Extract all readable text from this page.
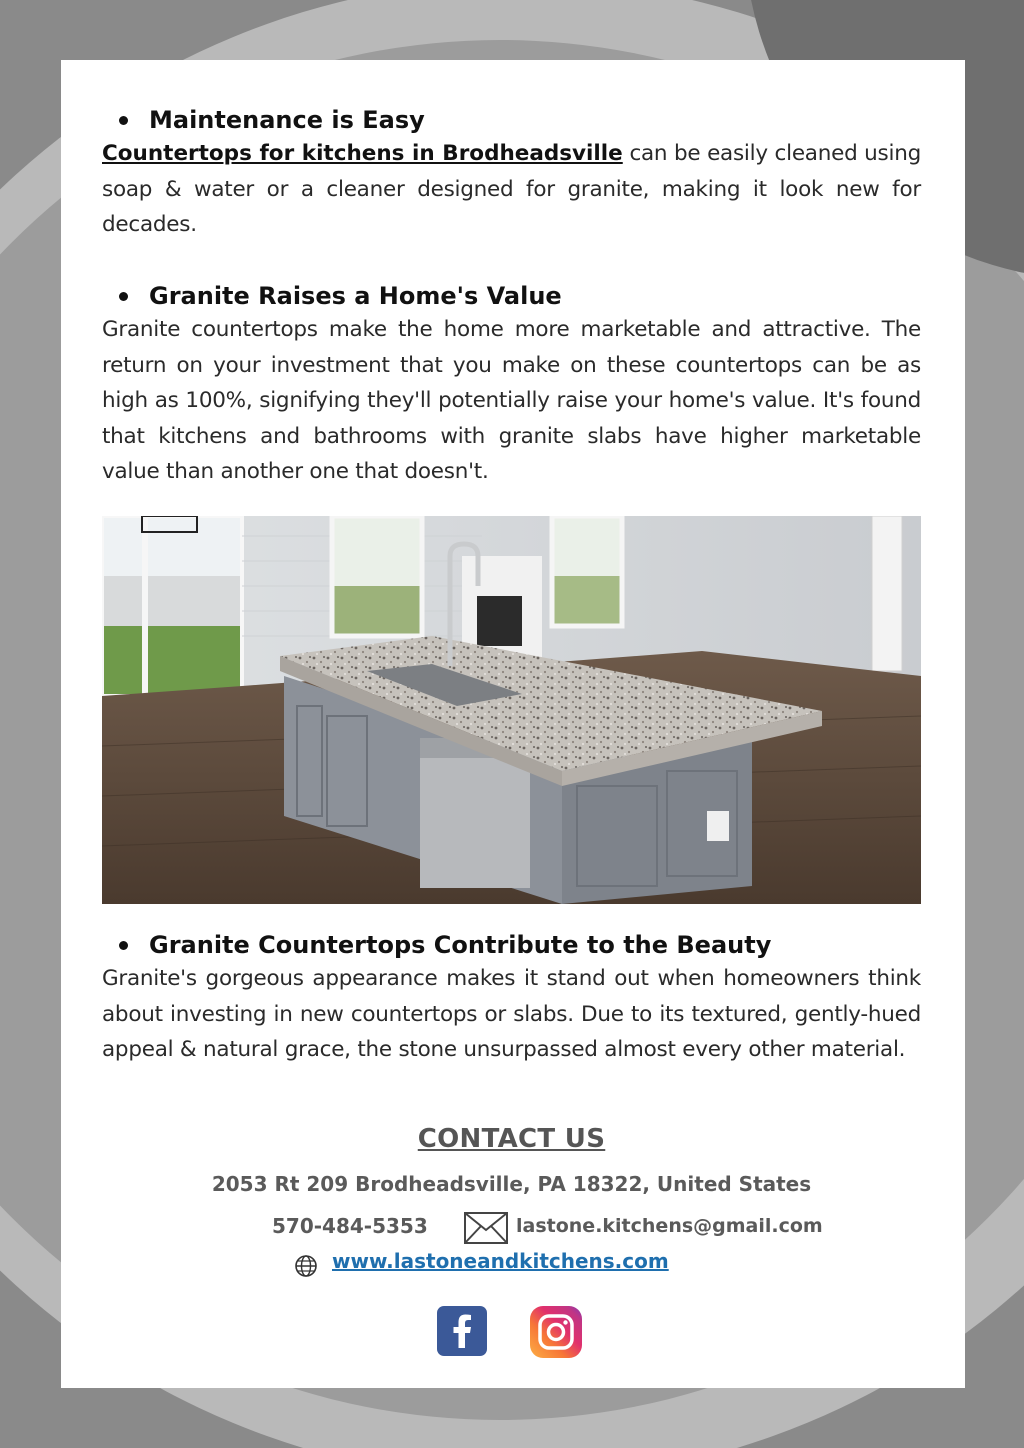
Maintenance is Easy

Countertops for kitchens in Brodheadsville can be easily cleaned using soap & water or a cleaner designed for granite, making it look new for decades.

Granite Raises a Home's Value

Granite countertops make the home more marketable and attractive. The return on your investment that you make on these countertops can be as high as 100%, signifying they'll potentially raise your home's value. It's found that kitchens and bathrooms with granite slabs have higher marketable value than another one that doesn't.

Granite Countertops Contribute to the Beauty

Granite's gorgeous appearance makes it stand out when homeowners think about investing in new countertops or slabs. Due to its textured, gently-hued appeal & natural grace, the stone unsurpassed almost every other material.

CONTACT US
2053 Rt 209 Brodheadsville, PA 18322, United States
570-484-5353	lastone.kitchens@gmail.com
www.lastoneandkitchens.com
